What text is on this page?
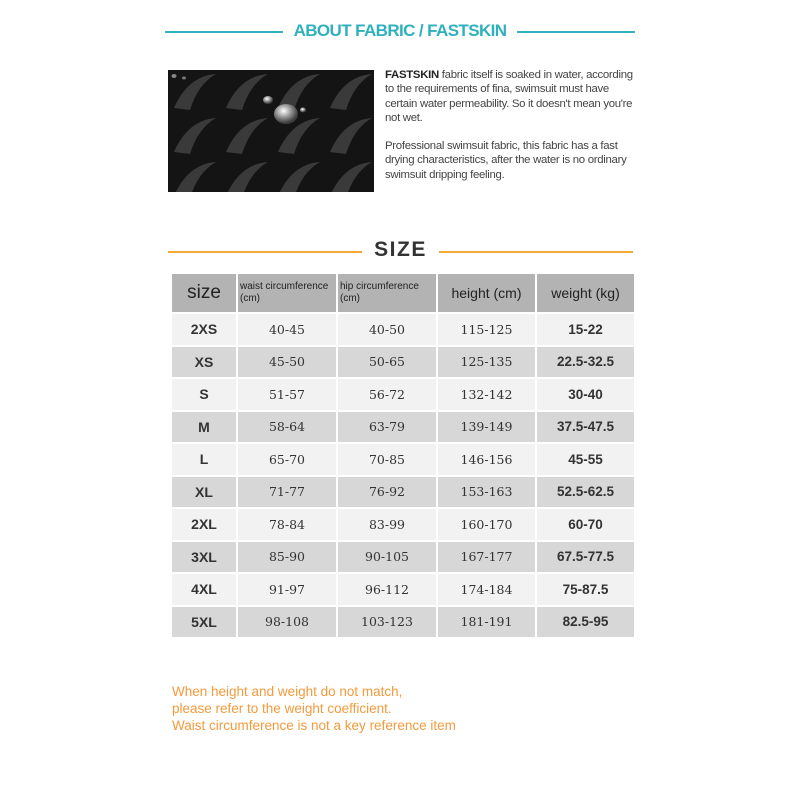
ABOUT FABRIC / FASTSKIN

FASTSKIN fabric itself is soaked in water, according to the requirements of fina, swimsuit must have certain water permeability. So it doesn't mean you're not wet.

Professional swimsuit fabric, this fabric has a fast drying characteristics, after the water is no ordinary swimsuit dripping feeling.

SIZE
size	waist circumference (cm)	hip circumference (cm)	height (cm)	weight (kg)
2XS	40-45	40-50	115-125	15-22
XS	45-50	50-65	125-135	22.5-32.5
S	51-57	56-72	132-142	30-40
M	58-64	63-79	139-149	37.5-47.5
L	65-70	70-85	146-156	45-55
XL	71-77	76-92	153-163	52.5-62.5
2XL	78-84	83-99	160-170	60-70
3XL	85-90	90-105	167-177	67.5-77.5
4XL	91-97	96-112	174-184	75-87.5
5XL	98-108	103-123	181-191	82.5-95
When height and weight do not match,
please refer to the weight coefficient.
Waist circumference is not a key reference item
